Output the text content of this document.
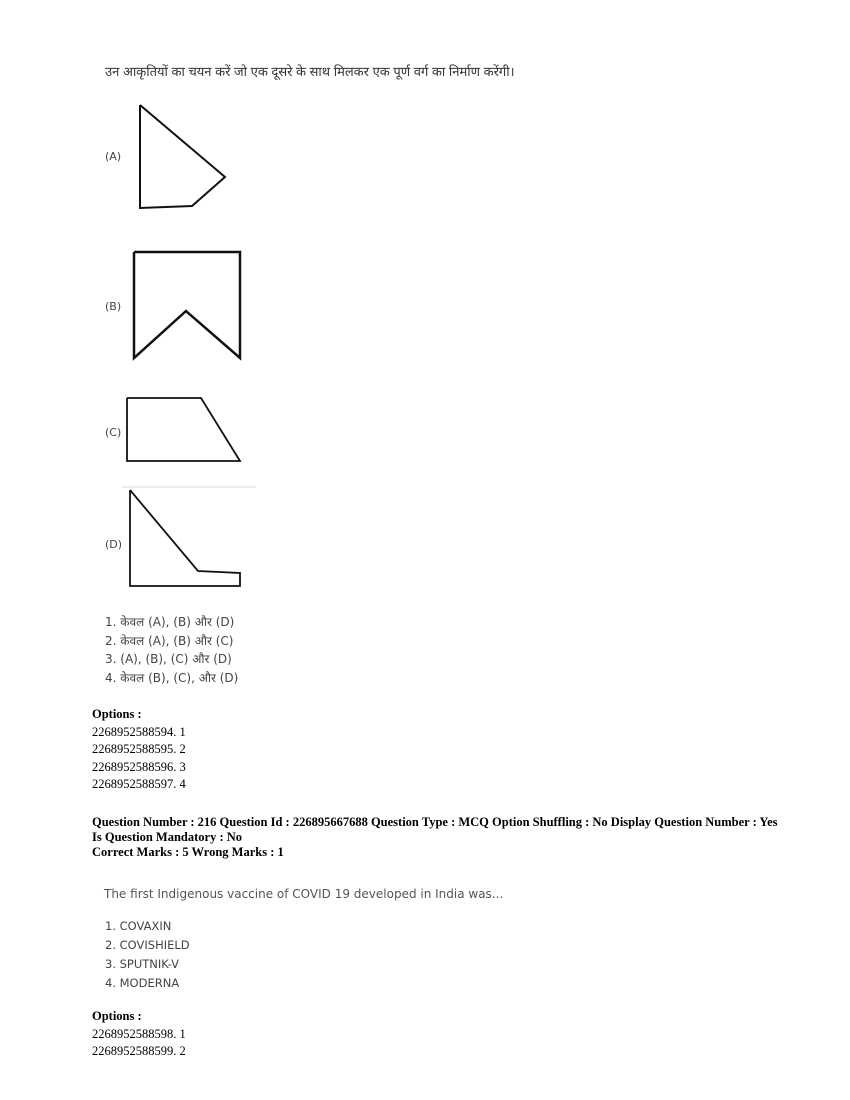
उन आकृतियों का चयन करें जो एक दूसरे के साथ मिलकर एक पूर्ण वर्ग का निर्माण करेंगी।
(A)
(B)
(C)
(D)
1. केवल (A), (B) और (D)
2. केवल (A), (B) और (C)
3. (A), (B), (C) और (D)
4. केवल (B), (C), और (D)
Options :
2268952588594. 1
2268952588595. 2
2268952588596. 3
2268952588597. 4
Question Number : 216 Question Id : 226895667688 Question Type : MCQ Option Shuffling : No Display Question Number : Yes Is Question Mandatory : No
Correct Marks : 5 Wrong Marks : 1
The first Indigenous vaccine of COVID 19 developed in India was...
1. COVAXIN
2. COVISHIELD
3. SPUTNIK-V
4. MODERNA
Options :
2268952588598. 1
2268952588599. 2
